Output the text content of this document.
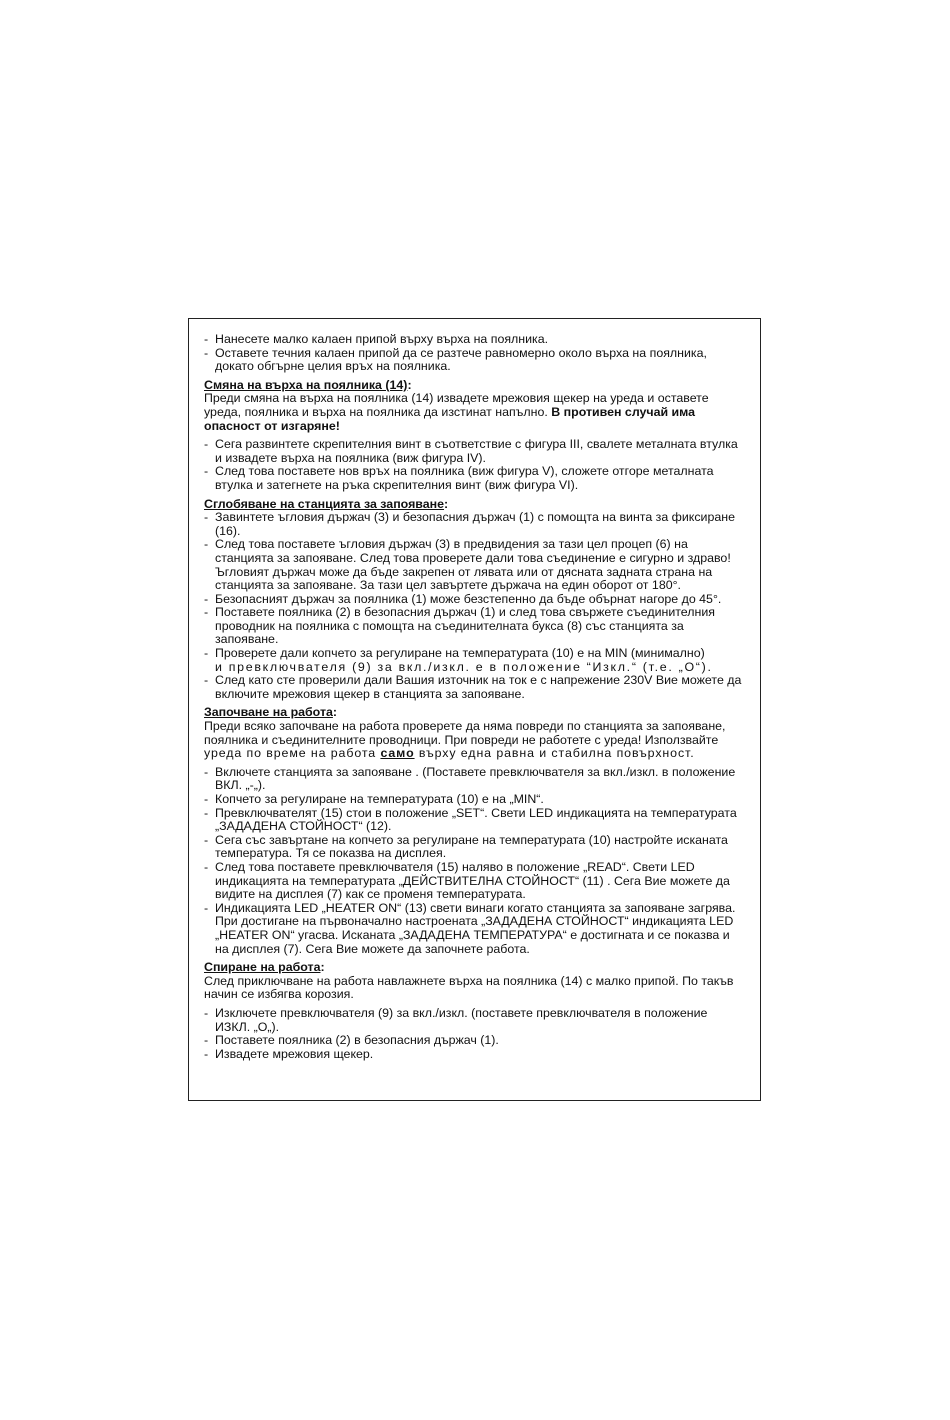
- Нанесете малко калаен припой върху върха на поялника.
- Оставете течния калаен припой да се разтече равномерно около върха на поялника, докато обгърне целия връх на поялника.
Смяна на върха на поялника (14):

Преди смяна на върха на поялника (14) извадете мрежовия щекер на уреда и оставете уреда, поялника и върха на поялника да изстинат напълно. В противен случай има опасност от изгаряне!

- Сега развинтете скрепителния винт в съответствие с фигура III, свалете металната втулка и извадете върха на поялника (виж фигура IV).
- След това поставете нов връх на поялника (виж фигура V), сложете отгоре металната втулка и затегнете на ръка скрепителния винт (виж фигура VI).
Сглобяване на станцията за запояване:
- Завинтете ъгловия държач (3) и безопасния държач (1) с помощта на винта за фиксиране (16).
- След това поставете ъгловия държач (3) в предвидения за тази цел процеп (6) на станцията за запояване. След това проверете дали това съединение е сигурно и здраво! Ъгловият държач може да бъде закрепен от лявата или от дясната задната страна на станцията за запояване. За тази цел завъртете държача на един оборот от 180°.
- Безопасният държач за поялника (1) може безстепенно да бъде обърнат нагоре до 45°.
- Поставете поялника (2) в безопасния държач (1) и след това свържете съединителния проводник на поялника с помощта на съединителната букса (8) със станцията за запояване.
- Проверете дали копчето за регулиране на температурата (10) е на MIN (минимално)
и превключвателя (9) за вкл./изкл. е в положение “Изкл.“ (т.е. „О“).
- След като сте проверили дали Вашия източник на ток е с напрежение 230V Вие можете да включите мрежовия щекер в станцията за запояване.
Започване на работа:

Преди всяко започване на работа проверете да няма повреди по станцията за запояване, поялника и съединителните проводници. При повреди не работете с уреда! Използвайте
уреда по време на работа само върху една равна и стабилна повърхност.

- Включете станцията за запояване . (Поставете превключвателя за вкл./изкл. в положение ВКЛ. „-„).
- Копчето за регулиране на температурата (10) е на „MIN“.
- Превключвателят (15) стои в положение „SET“. Свети LED индикацията на температурата „ЗАДАДЕНА СТОЙНОСТ“ (12).
- Сега със завъртане на копчето за регулиране на температурата (10) настройте исканата температура. Тя се показва на дисплея.
- След това поставете превключвателя (15) наляво в положение „READ“. Свети LED индикацията на температурата „ДЕЙСТВИТЕЛНА СТОЙНОСТ“ (11) . Сега Вие можете да видите на дисплея (7) как се променя температурата.
- Индикацията LED „HEATER ON“ (13) свети винаги когато станцията за запояване загрява. При достигане на първоначално настроената „ЗАДАДЕНА СТОЙНОСТ“ индикацията LED „HEATER ON“ угасва. Исканата „ЗАДАДЕНА ТЕМПЕРАТУРА“ е достигната и се показва и на дисплея (7). Сега Вие можете да започнете работа.
Спиране на работа:

След приключване на работа навлажнете върха на поялника (14) с малко припой. По такъв начин се избягва корозия.

- Изключете превключвателя (9) за вкл./изкл. (поставете превключвателя в положение ИЗКЛ. „О„).
- Поставете поялника (2) в безопасния държач (1).
- Извадете мрежовия щекер.
